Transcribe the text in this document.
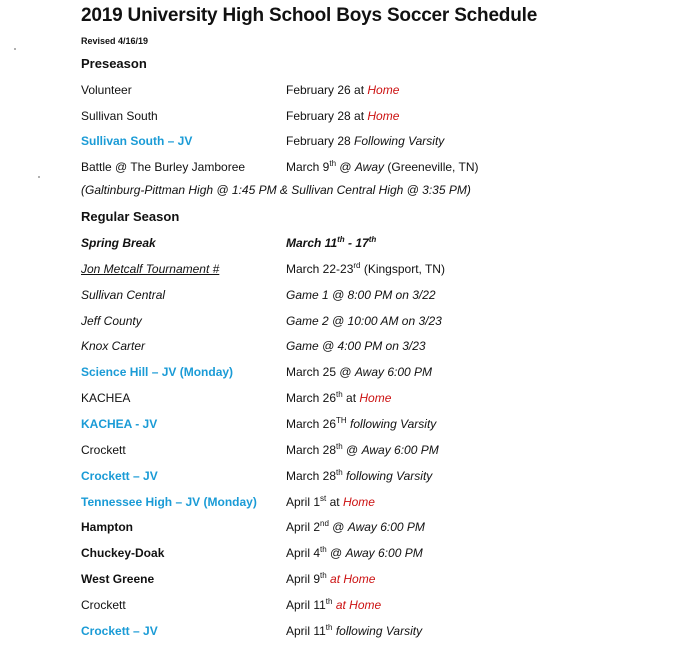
2019 University High School Boys Soccer Schedule
Revised 4/16/19
Preseason
Volunteer	February 26 at Home
Sullivan South	February 28 at Home
Sullivan South – JV	February 28 Following Varsity
Battle @ The Burley Jamboree	March 9th @ Away (Greeneville, TN)
(Galtinburg-Pittman High @ 1:45 PM & Sullivan Central High @ 3:35 PM)
Regular Season
Spring Break	March 11th - 17th
Jon Metcalf Tournament #	March 22-23rd (Kingsport, TN)
Sullivan Central	Game 1 @ 8:00 PM on 3/22
Jeff County	Game 2 @ 10:00 AM on 3/23
Knox Carter	Game @ 4:00 PM on 3/23
Science Hill – JV (Monday)	March 25 @ Away 6:00 PM
KACHEA	March 26th at Home
KACHEA - JV	March 26TH following Varsity
Crockett	March 28th @ Away 6:00 PM
Crockett – JV	March 28th following Varsity
Tennessee High – JV (Monday) April 1st at Home
Hampton	April 2nd @ Away 6:00 PM
Chuckey-Doak	April 4th @ Away 6:00 PM
West Greene	April 9th at Home
Crockett	April 11th at Home
Crockett – JV	April 11th following Varsity
